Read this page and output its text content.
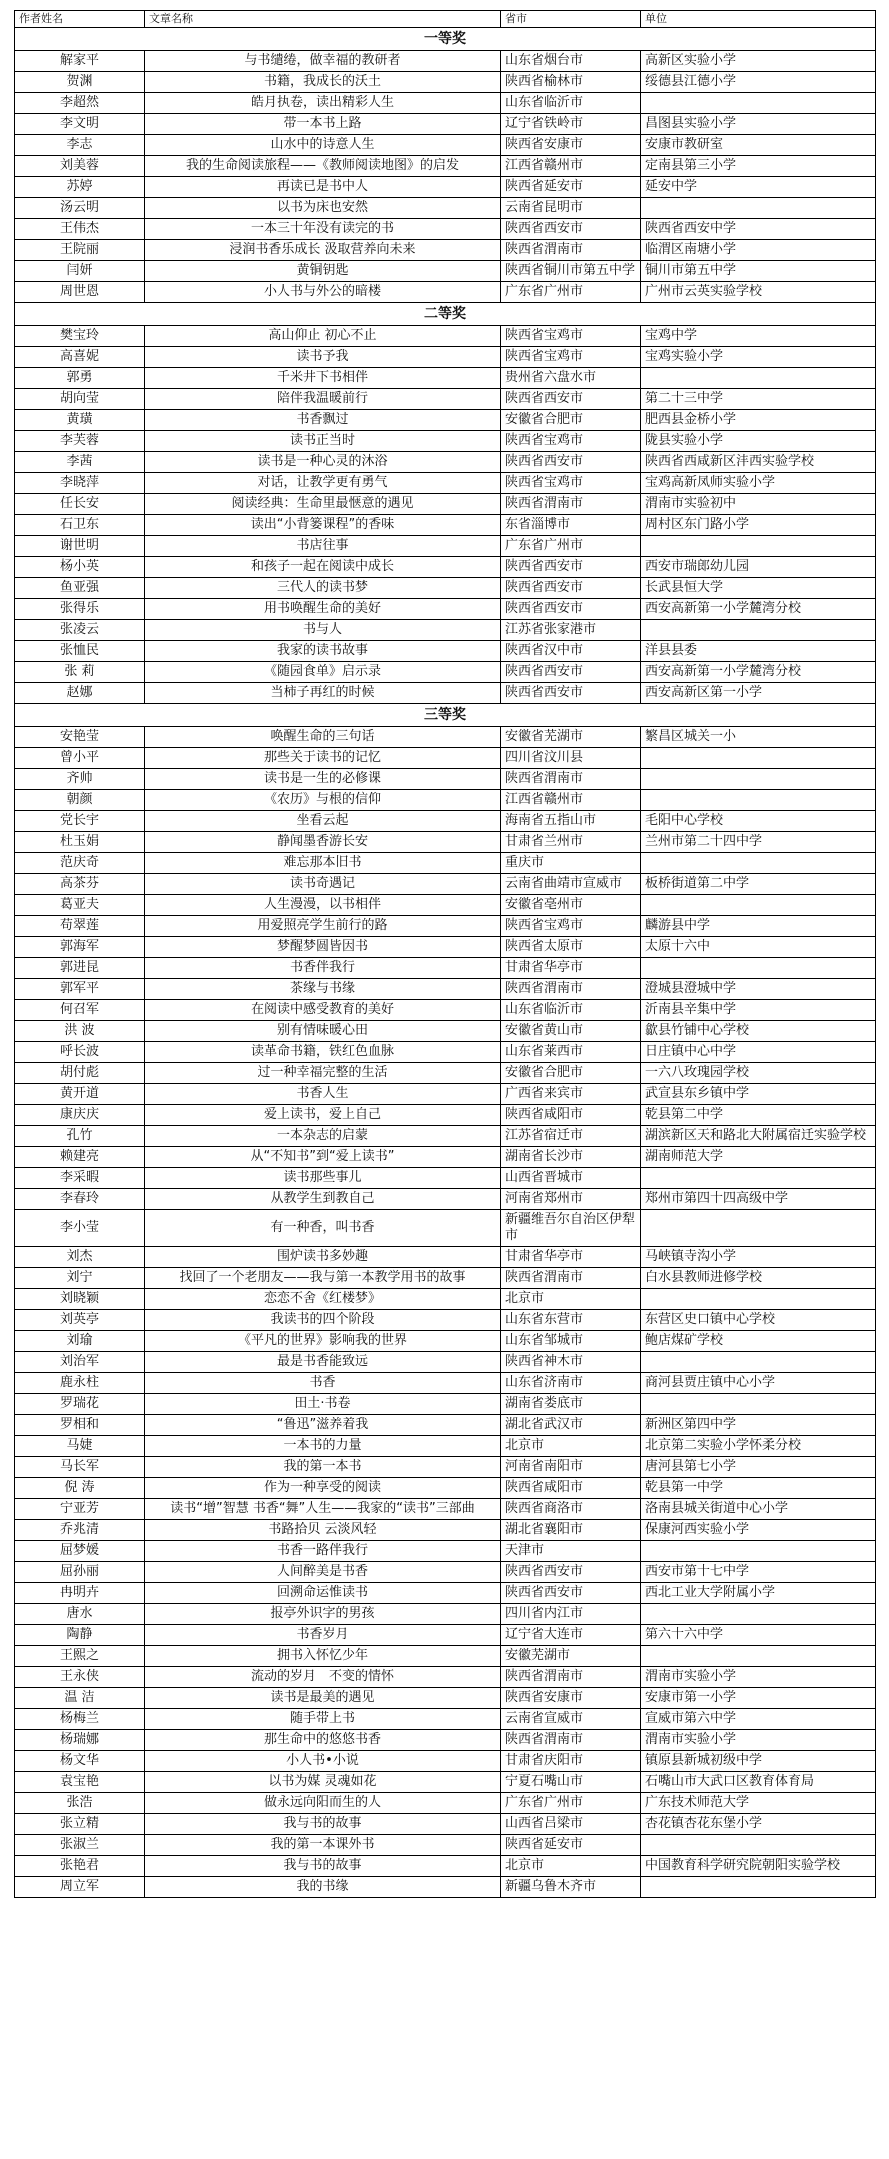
作者姓名	文章名称	省市	单位
一等奖			
解家平	与书缱绻，做幸福的教研者	山东省烟台市	高新区实验小学
贺渊	书籍，我成长的沃土	陕西省榆林市	绥德县江德小学
李超然	皓月执卷，读出精彩人生	山东省临沂市	
李文明	带一本书上路	辽宁省铁岭市	昌图县实验小学
李志	山水中的诗意人生	陕西省安康市	安康市教研室
刘美蓉	我的生命阅读旅程——《教师阅读地图》的启发	江西省赣州市	定南县第三小学
苏婷	再读已是书中人	陕西省延安市	延安中学
汤云明	以书为床也安然	云南省昆明市	
王伟杰	一本三十年没有读完的书	陕西省西安市	陕西省西安中学
王院丽	浸润书香乐成长 汲取营养向未来	陕西省渭南市	临渭区南塘小学
闫妍	黄铜钥匙	陕西省铜川市第五中学	铜川市第五中学
周世恩	小人书与外公的暗楼	广东省广州市	广州市云英实验学校
二等奖			
樊宝玲	高山仰止 初心不止	陕西省宝鸡市	宝鸡中学
高喜妮	读书予我	陕西省宝鸡市	宝鸡实验小学
郭勇	千米井下书相伴	贵州省六盘水市	
胡向莹	陪伴我温暖前行	陕西省西安市	第二十三中学
黄璜	书香飘过	安徽省合肥市	肥西县金桥小学
李芙蓉	读书正当时	陕西省宝鸡市	陇县实验小学
李茜	读书是一种心灵的沐浴	陕西省西安市	陕西省西咸新区沣西实验学校
李晓萍	对话，让教学更有勇气	陕西省宝鸡市	宝鸡高新凤师实验小学
任长安	阅读经典：生命里最惬意的遇见	陕西省渭南市	渭南市实验初中
石卫东	读出“小背篓课程”的香味	东省淄博市	周村区东门路小学
谢世明	书店往事	广东省广州市	
杨小英	和孩子一起在阅读中成长	陕西省西安市	西安市瑞郎幼儿园
鱼亚强	三代人的读书梦	陕西省西安市	长武县恒大学
张得乐	用书唤醒生命的美好	陕西省西安市	西安高新第一小学麓湾分校
张凌云	书与人	江苏省张家港市	
张恤民	我家的读书故事	陕西省汉中市	洋县县委
张 莉	《随园食单》启示录	陕西省西安市	西安高新第一小学麓湾分校
赵娜	当柿子再红的时候	陕西省西安市	西安高新区第一小学
三等奖			
安艳莹	唤醒生命的三句话	安徽省芜湖市	繁昌区城关一小
曾小平	那些关于读书的记忆	四川省汶川县	
齐帅	读书是一生的必修课	陕西省渭南市	
朝颜	《农历》与根的信仰	江西省赣州市	
党长宇	坐看云起	海南省五指山市	毛阳中心学校
杜玉娟	静闻墨香游长安	甘肃省兰州市	兰州市第二十四中学
范庆奇	难忘那本旧书	重庆市	
高茶芬	读书奇遇记	云南省曲靖市宣威市	板桥街道第二中学
葛亚夫	人生漫漫，以书相伴	安徽省亳州市	
苟翠莲	用爱照亮学生前行的路	陕西省宝鸡市	麟游县中学
郭海军	梦醒梦圆皆因书	陕西省太原市	太原十六中
郭进昆	书香伴我行	甘肃省华亭市	
郭军平	茶缘与书缘	陕西省渭南市	澄城县澄城中学
何召军	在阅读中感受教育的美好	山东省临沂市	沂南县辛集中学
洪 波	别有情味暖心田	安徽省黄山市	歙县竹铺中心学校
呼长波	读革命书籍，铁红色血脉	山东省莱西市	日庄镇中心中学
胡付彪	过一种幸福完整的生活	安徽省合肥市	一六八玫瑰园学校
黄开道	书香人生	广西省来宾市	武宣县东乡镇中学
康庆庆	爱上读书，爱上自己	陕西省咸阳市	乾县第二中学
孔竹	一本杂志的启蒙	江苏省宿迁市	湖滨新区天和路北大附属宿迁实验学校
赖建亮	从“不知书”到“爱上读书”	湖南省长沙市	湖南师范大学
李采暇	读书那些事儿	山西省晋城市	
李春玲	从教学生到教自己	河南省郑州市	郑州市第四十四高级中学
李小莹	有一种香，叫书香	新疆维吾尔自治区伊犁市	
刘杰	围炉读书多妙趣	甘肃省华亭市	马峡镇寺沟小学
刘宁	找回了一个老朋友——我与第一本教学用书的故事	陕西省渭南市	白水县教师进修学校
刘晓颖	恋恋不舍《红楼梦》	北京市	
刘英亭	我读书的四个阶段	山东省东营市	东营区史口镇中心学校
刘瑜	《平凡的世界》影响我的世界	山东省邹城市	鲍店煤矿学校
刘治军	最是书香能致远	陕西省神木市	
鹿永柱	书香	山东省济南市	商河县贾庄镇中心小学
罗瑞花	田土·书卷	湖南省娄底市	
罗相和	“鲁迅”滋养着我	湖北省武汉市	新洲区第四中学
马婕	一本书的力量	北京市	北京第二实验小学怀柔分校
马长军	我的第一本书	河南省南阳市	唐河县第七小学
倪 涛	作为一种享受的阅读	陕西省咸阳市	乾县第一中学
宁亚芳	读书“增”智慧 书香“舞”人生——我家的“读书”三部曲	陕西省商洛市	洛南县城关街道中心小学
乔兆清	书路拾贝 云淡风轻	湖北省襄阳市	保康河西实验小学
屈梦媛	书香一路伴我行	天津市	
屈孙丽	人间醉美是书香	陕西省西安市	西安市第十七中学
冉明卉	回溯命运惟读书	陕西省西安市	西北工业大学附属小学
唐水	报亭外识字的男孩	四川省内江市	
陶静	书香岁月	辽宁省大连市	第六十六中学
王熙之	拥书入怀忆少年	安徽芜湖市	
王永侠	流动的岁月　不变的情怀	陕西省渭南市	渭南市实验小学
温 洁	读书是最美的遇见	陕西省安康市	安康市第一小学
杨梅兰	随手带上书	云南省宣威市	宣威市第六中学
杨瑞娜	那生命中的悠悠书香	陕西省渭南市	渭南市实验小学
杨文华	小人书•小说	甘肃省庆阳市	镇原县新城初级中学
袁宝艳	以书为媒 灵魂如花	宁夏石嘴山市	石嘴山市大武口区教育体育局
张浩	做永远向阳而生的人	广东省广州市	广东技术师范大学
张立精	我与书的故事	山西省吕梁市	杏花镇杏花东堡小学
张淑兰	我的第一本课外书	陕西省延安市	
张艳君	我与书的故事	北京市	中国教育科学研究院朝阳实验学校
周立军	我的书缘	新疆乌鲁木齐市	
